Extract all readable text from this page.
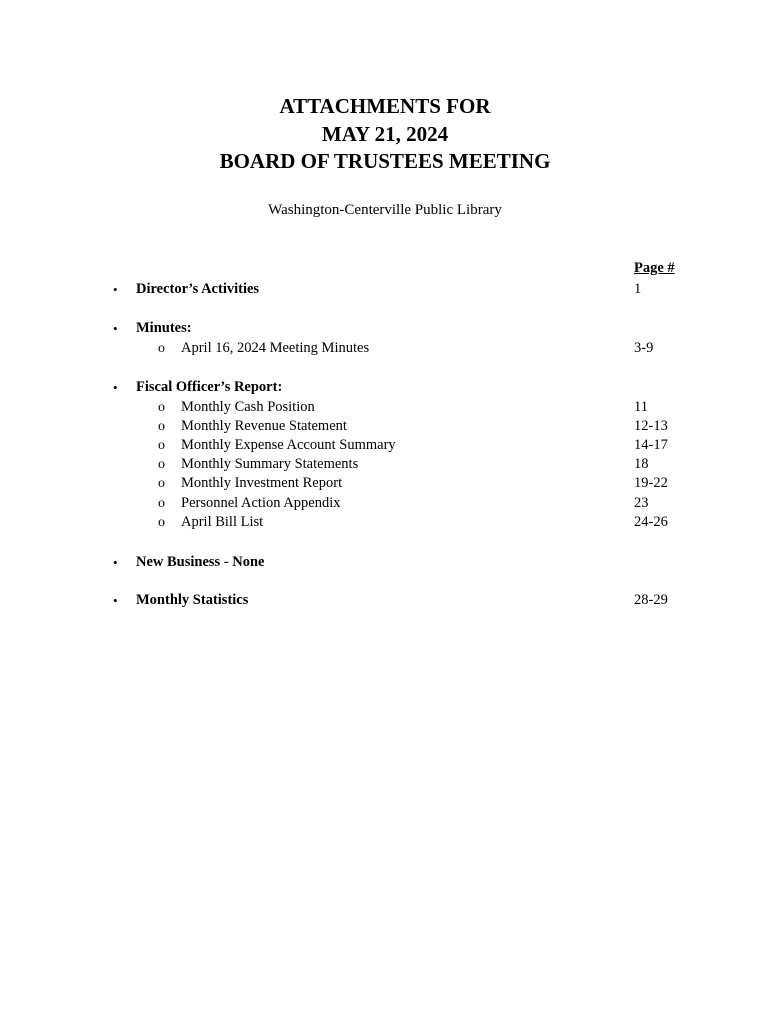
ATTACHMENTS FOR
MAY 21, 2024
BOARD OF TRUSTEES MEETING
Washington-Centerville Public Library
Page #
• Director’s Activities	1
• Minutes:
o April 16, 2024 Meeting Minutes	3-9
• Fiscal Officer’s Report:
o Monthly Cash Position	11
o Monthly Revenue Statement	12-13
o Monthly Expense Account Summary	14-17
o Monthly Summary Statements	18
o Monthly Investment Report	19-22
o Personnel Action Appendix	23
o April Bill List	24-26
• New Business - None
• Monthly Statistics	28-29
